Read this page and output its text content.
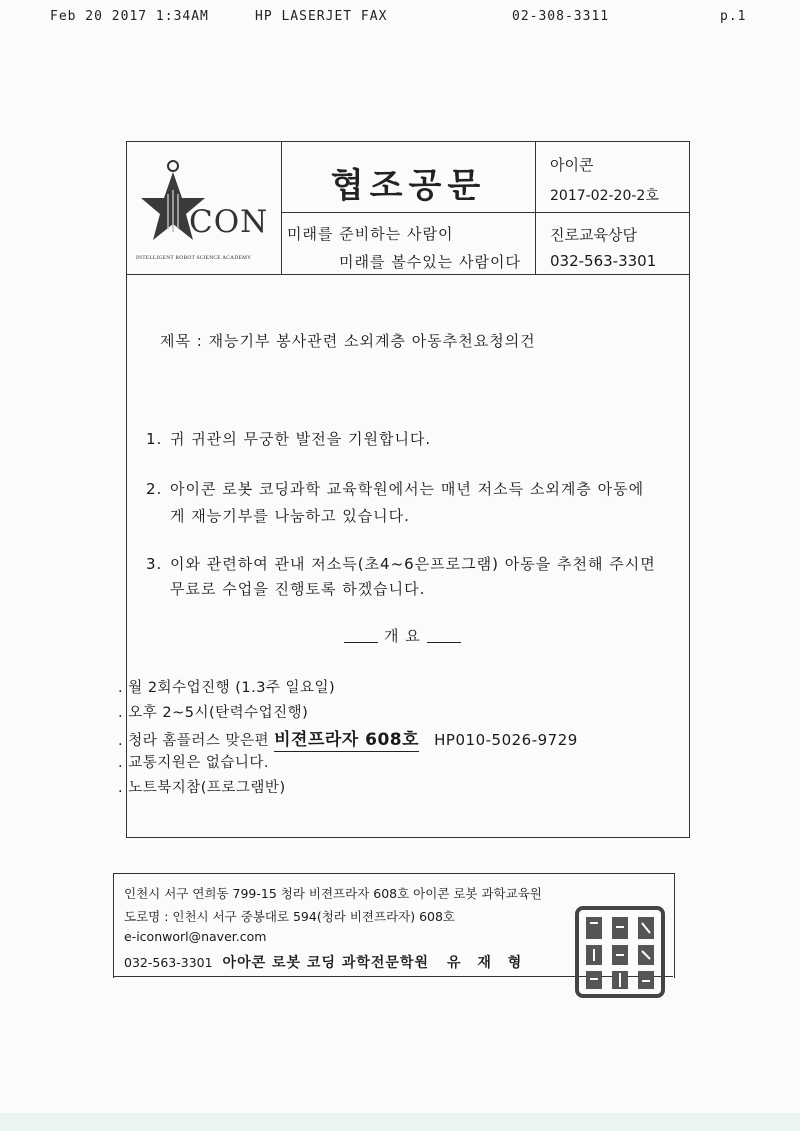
Feb 20 2017 1:34AM	HP LASERJET FAX	02-308-3311	p.1
CON
INTELLIGENT ROBOT SCIENCE ACADEMY
협조공문
미래를 준비하는 사람이
미래를 볼수있는 사람이다
아이콘
2017-02-20-2호
진로교육상담
032-563-3301
제목 : 재능기부 봉사관련 소외계층 아동추천요청의건
1. 귀 귀관의 무궁한 발전을 기원합니다.
2. 아이콘 로봇 코딩과학 교육학원에서는 매년 저소득 소외계층 아동에
게 재능기부를 나눔하고 있습니다.
3. 이와 관련하여 관내 저소득(초4~6은프로그램) 아동을 추천해 주시면
무료로 수업을 진행토록 하겠습니다.
개 요
. 월 2회수업진행 (1.3주 일요일)
. 오후 2~5시(탄력수업진행)
. 청라 홈플러스 맞은편 비젼프라자 608호 HP010-5026-9729
. 교통지원은 없습니다.
. 노트북지참(프로그램반)
인천시 서구 연희동 799-15 청라 비젼프라자 608호 아이콘 로봇 과학교육원
도로명 : 인천시 서구 중봉대로 594(청라 비젼프라자) 608호
e-iconworl@naver.com
032-563-3301 아아콘 로봇 코딩 과학전문학원 유 재 형
